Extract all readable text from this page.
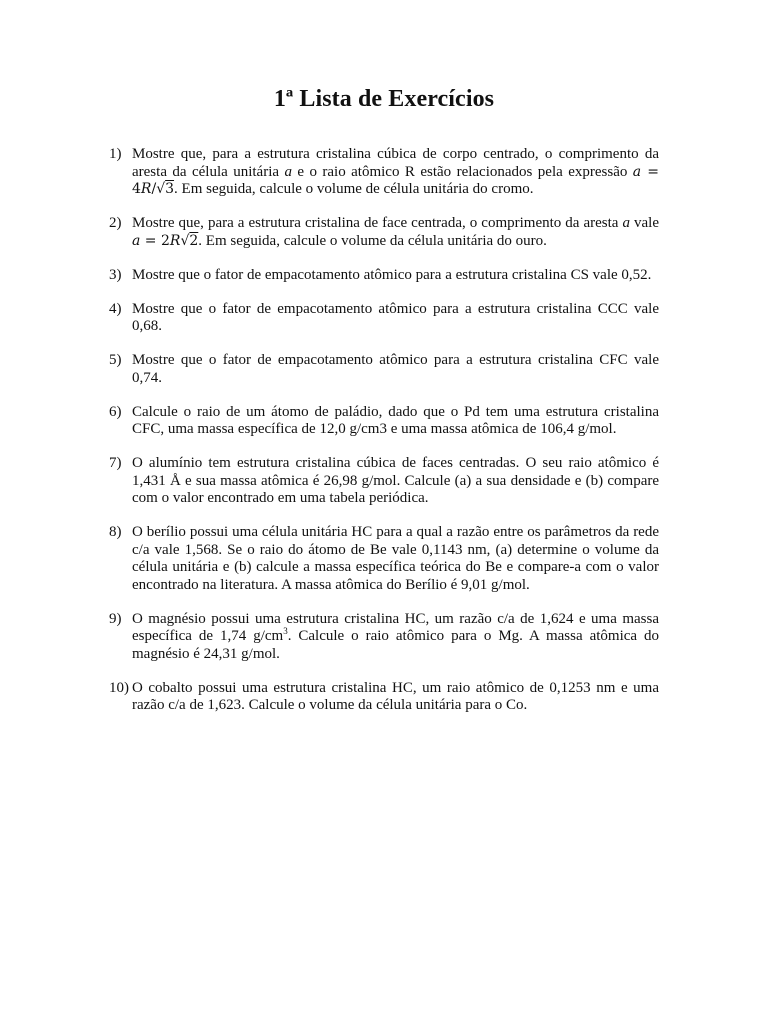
1ª Lista de Exercícios
1) Mostre que, para a estrutura cristalina cúbica de corpo centrado, o comprimento da aresta da célula unitária a e o raio atômico R estão relacionados pela expressão a = 4R/√3. Em seguida, calcule o volume de célula unitária do cromo.
2) Mostre que, para a estrutura cristalina de face centrada, o comprimento da aresta a vale a = 2R√2. Em seguida, calcule o volume da célula unitária do ouro.
3) Mostre que o fator de empacotamento atômico para a estrutura cristalina CS vale 0,52.
4) Mostre que o fator de empacotamento atômico para a estrutura cristalina CCC vale 0,68.
5) Mostre que o fator de empacotamento atômico para a estrutura cristalina CFC vale 0,74.
6) Calcule o raio de um átomo de paládio, dado que o Pd tem uma estrutura cristalina CFC, uma massa específica de 12,0 g/cm3 e uma massa atômica de 106,4 g/mol.
7) O alumínio tem estrutura cristalina cúbica de faces centradas. O seu raio atômico é 1,431 Å e sua massa atômica é 26,98 g/mol. Calcule (a) a sua densidade e (b) compare com o valor encontrado em uma tabela periódica.
8) O berílio possui uma célula unitária HC para a qual a razão entre os parâmetros da rede c/a vale 1,568. Se o raio do átomo de Be vale 0,1143 nm, (a) determine o volume da célula unitária e (b) calcule a massa específica teórica do Be e compare-a com o valor encontrado na literatura. A massa atômica do Berílio é 9,01 g/mol.
9) O magnésio possui uma estrutura cristalina HC, um razão c/a de 1,624 e uma massa específica de 1,74 $g/cm^3$. Calcule o raio atômico para o Mg. A massa atômica do magnésio é 24,31 g/mol.
10) O cobalto possui uma estrutura cristalina HC, um raio atômico de 0,1253 nm e uma razão c/a de 1,623. Calcule o volume da célula unitária para o Co.
